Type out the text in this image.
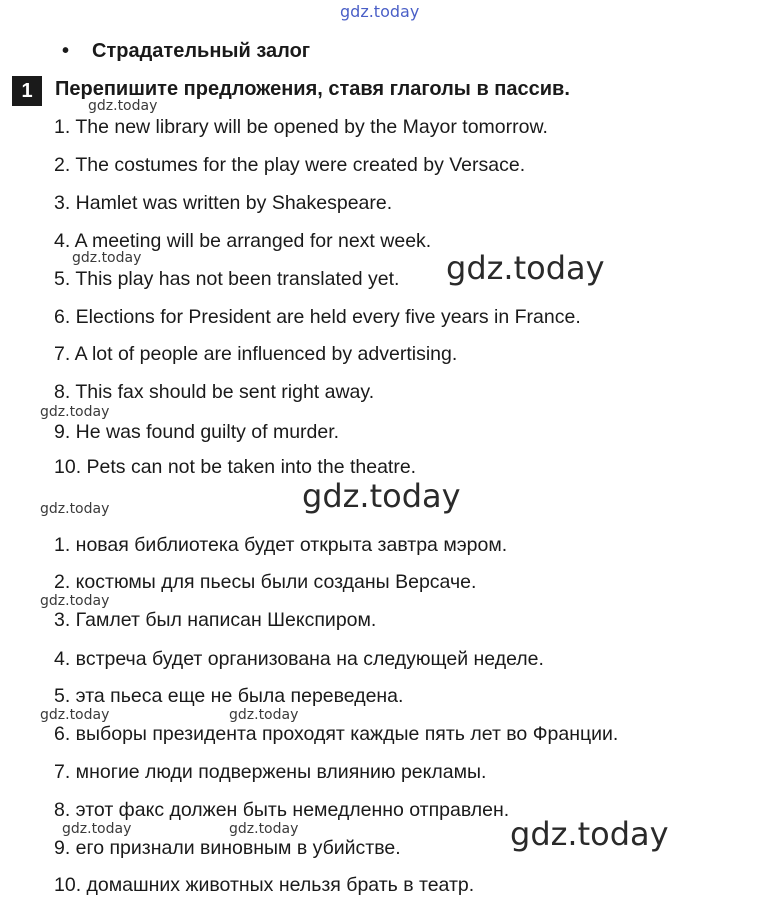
gdz.today
• Страдательный залог
1	Перепишите предложения, ставя глаголы в пассив.
1. The new library will be opened by the Mayor tomorrow.
2. The costumes for the play were created by Versace.
3. Hamlet was written by Shakespeare.
4. A meeting will be arranged for next week.
5. This play has not been translated yet.
6. Elections for President are held every five years in France.
7. A lot of people are influenced by advertising.
8. This fax should be sent right away.
9. He was found guilty of murder.
10. Pets can not be taken into the theatre.
1. новая библиотека будет открыта завтра мэром.
2. костюмы для пьесы были созданы Версаче.
3. Гамлет был написан Шекспиром.
4. встреча будет организована на следующей неделе.
5. эта пьеса еще не была переведена.
6. выборы президента проходят каждые пять лет во Франции.
7. многие люди подвержены влиянию рекламы.
8. этот факс должен быть немедленно отправлен.
9. его признали виновным в убийстве.
10. домашних животных нельзя брать в театр.
gdz.today
gdz.today	gdz.today
gdz.today
gdz.today
gdz.today
gdz.today
gdz.today	gdz.today
gdz.today	gdz.today	gdz.today
